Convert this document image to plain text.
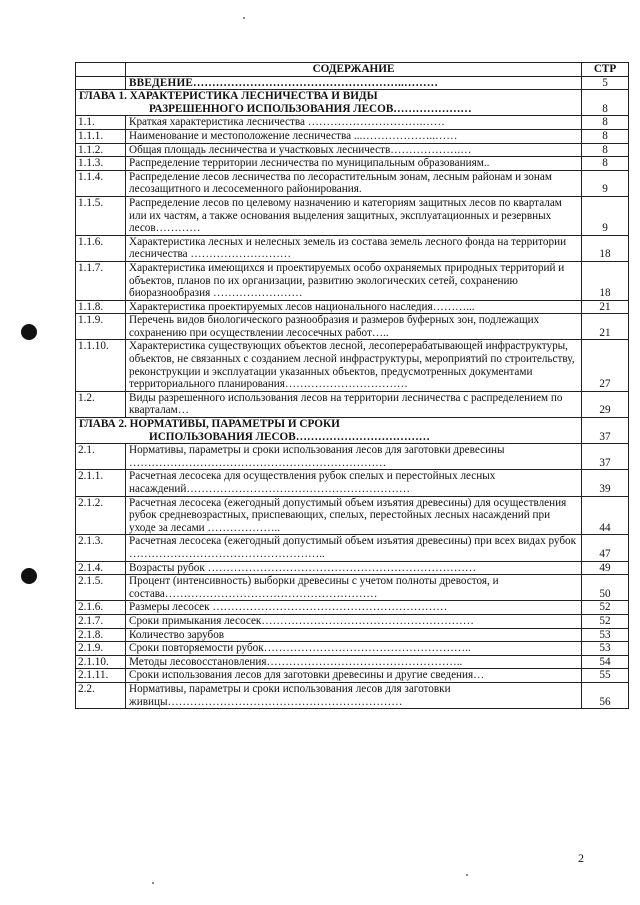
	СОДЕРЖАНИЕ	СТР
	ВВЕДЕНИЕ………………………………………………..………	5

ГЛАВА 1. ХАРАКТЕРИСТИКА ЛЕСНИЧЕСТВА И ВИДЫ
РАЗРЕШЕННОГО ИСПОЛЬЗОВАНИЯ ЛЕСОВ…………………		8
1.1.	Краткая характеристика лесничества ………………………….……	8
1.1.1.	Наименование и местоположение лесничества ...………………..……	8
1.1.2.	Общая площадь лесничества и участковых лесничеств……………….…	8
1.1.3.	Распределение территории лесничества по муниципальным образованиям..	8
1.1.4.	Распределение лесов лесничества по лесорастительным зонам, лесным районам и зонам лесозащитного и лесосеменного районирования.	9
1.1.5.	Распределение лесов по целевому назначению и категориям защитных лесов по кварталам или их частям, а также основания выделения защитных, эксплуатационных и резервных лесов…………	9
1.1.6.	Характеристика лесных и нелесных земель из состава земель лесного фонда на территории лесничества ………………………	18
1.1.7.	Характеристика имеющихся и проектируемых особо охраняемых природных территорий и объектов, планов по их организации, развитию экологических сетей, сохранению биоразнообразия ……………………	18
1.1.8.	Характеристика проектируемых лесов национального наследия………...	21
1.1.9.	Перечень видов биологического разнообразия и размеров буферных зон, подлежащих сохранению при осуществлении лесосечных работ…..	21
1.1.10.	Характеристика существующих объектов лесной, лесоперерабатывающей инфраструктуры, объектов, не связанных с созданием лесной инфраструктуры, мероприятий по строительству, реконструкции и эксплуатации указанных объектов, предусмотренных документами территориального планирования……………………………	27
1.2.	Виды разрешенного использования лесов на территории лесничества с распределением по кварталам…	29

ГЛАВА 2. НОРМАТИВЫ, ПАРАМЕТРЫ И СРОКИ
ИСПОЛЬЗОВАНИЯ ЛЕСОВ………………………………		37
2.1.	Нормативы, параметры и сроки использования лесов для заготовки древесины ……………………………………………………………	37
2.1.1.	Расчетная лесосека для осуществления рубок спелых и перестойных лесных насаждений……………………………………………………	39
2.1.2.	Расчетная лесосека (ежегодный допустимый объем изъятия древесины) для осуществления рубок средневозрастных, приспевающих, спелых, перестойных лесных насаждений при уходе за лесами ………………..	44
2.1.3.	Расчетная лесосека (ежегодный допустимый объем изъятия древесины) при всех видах рубок ……………………………………………..	47
2.1.4.	Возрасты рубок ………………………………………………………………	49
2.1.5.	Процент (интенсивность) выборки древесины с учетом полноты древостоя, и состава…………………………………………………	50
2.1.6.	Размеры лесосек ………………………………………………………	52
2.1.7.	Сроки примыкания лесосек…………………………………………………	52
2.1.8.	Количество зарубов	53
2.1.9.	Сроки повторяемости рубок………………………………………………..	53
2.1.10.	Методы лесовосстановления……………………………………………..	54
2.1.11.	Сроки использования лесов для заготовки древесины и другие сведения…	55
2.2.	Нормативы, параметры и сроки использования лесов для заготовки живицы………………………………………………………	56
2
